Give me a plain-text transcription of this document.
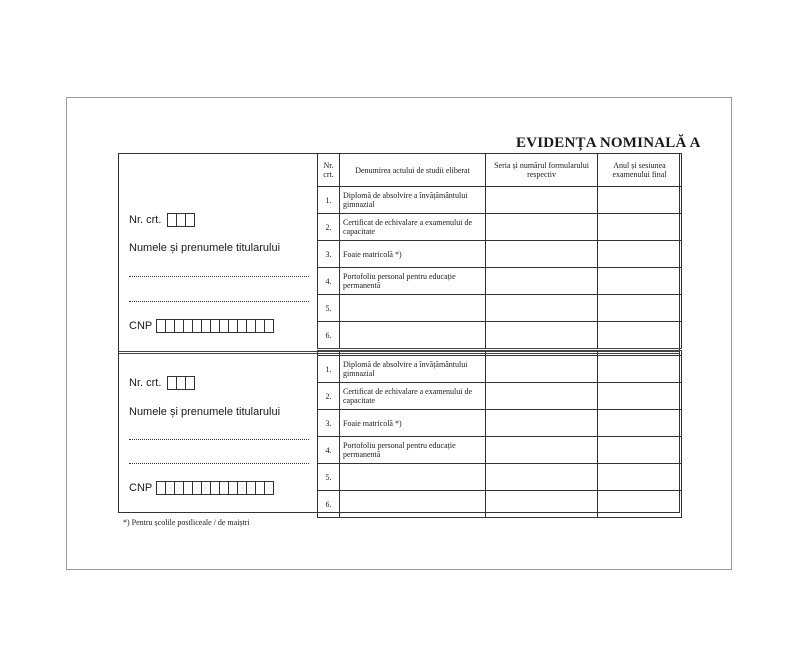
EVIDENȚA NOMINALĂ A
Nr. crt.
Numele și prenumele titularului
CNP
Nr. crt.
Numele și prenumele titularului
CNP
Nr. crt.	Denumirea actului de studii eliberat	Seria și numărul formularului respectiv	Anul și sesiunea examenului final
1.	Diplomă de absolvire a învățământului gimnazial		
2.	Certificat de echivalare a examenului de capacitate		
3.	Foaie matricolă *)		
4.	Portofoliu personal pentru educație permanentă		
5.			
6.			

1.	Diplomă de absolvire a învățământului gimnazial		
2.	Certificat de echivalare a examenului de capacitate		
3.	Foaie matricolă *)		
4.	Portofoliu personal pentru educație permanentă		
5.			
6.			
*) Pentru școlile postliceale / de maiștri
